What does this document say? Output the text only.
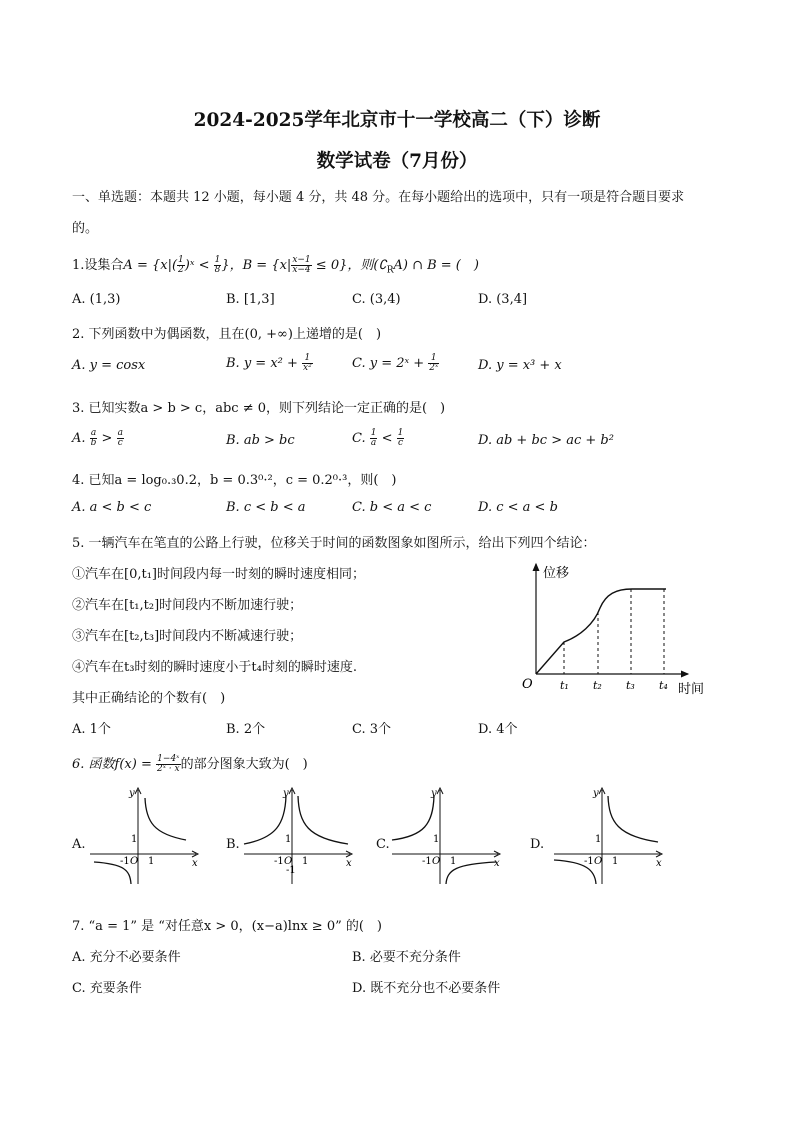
2024-2025学年北京市十一学校高二（下）诊断
数学试卷（7月份）
一、单选题：本题共 12 小题，每小题 4 分，共 48 分。在每小题给出的选项中，只有一项是符合题目要求
的。
1.设集合$A = \{x|( \frac{1}{2}$ )ˣ < $\frac{1}{8}$ }，$B = \{x| \frac{x-1}{x-4} \le 0\}$，则$(∁_RA)$ ∩ B = (　)
A. (1,3)	B. [1,3]	C. (3,4)	D. (3,4]
2. 下列函数中为偶函数，且在(0, +∞)上递增的是(　)
A. y = cosx	B. $y = x^2 + \frac{1}{\text{x²}}$	C. y = 2ˣ + $\frac{1}{\text{2ˣ}}$	D. y = x³ + x
3. 已知实数a > b > c，abc ≠ 0，则下列结论一定正确的是(　)
A. $\frac{a}{b} > \frac{a}{c}$	B. ab > bc	C. $\frac{1}{a} < \frac{1}{c}$	D. ab + bc > ac + b²
4. 已知a = log₀.₃0.2，b = 0.3⁰·²，c = 0.2⁰·³，则(　)
A. a < b < c	B. c < b < a	C. b < a < c	D. c < a < b
5. 一辆汽车在笔直的公路上行驶，位移关于时间的函数图象如图所示，给出下列四个结论：
①汽车在[0,t₁]时间段内每一时刻的瞬时速度相同；
②汽车在[t₁,t₂]时间段内不断加速行驶；
③汽车在[t₂,t₃]时间段内不断减速行驶；
④汽车在t₃时刻的瞬时速度小于t₄时刻的瞬时速度.
其中正确结论的个数有(　)
A. 1个	B. 2个	C. 3个	D. 4个
位移
O t₁ t₂ t₃ t₄ 时间
6. 函数$f(x) = \frac{\text{1−4ˣ}}{\text{2ˣ · x}}$ 的部分图象大致为(　)
A.	B.	C.	D.
y
x
1
-1 O 1
y
x
1
-1 O 1
-1
y
x
1
-1 O 1
y
x
1
-1 O 1
7. “a = 1” 是 “对任意x > 0，(x−a)lnx ≥ 0” 的(　)
A. 充分不必要条件	B. 必要不充分条件
C. 充要条件	D. 既不充分也不必要条件
